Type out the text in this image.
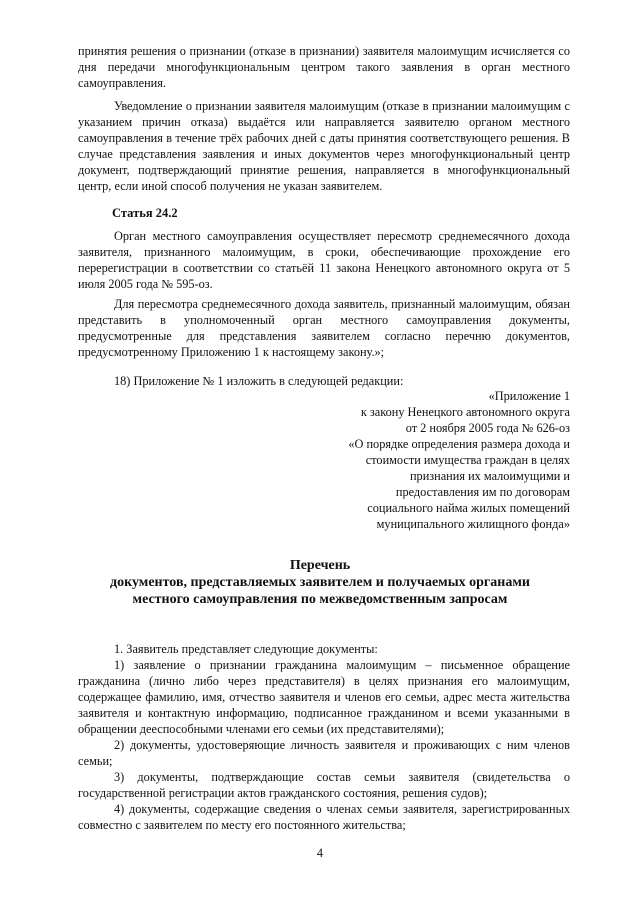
принятия решения о признании (отказе в признании) заявителя малоимущим исчисляется со дня передачи многофункциональным центром такого заявления в орган местного самоуправления.

Уведомление о признании заявителя малоимущим (отказе в признании малоимущим с указанием причин отказа) выдаётся или направляется заявителю органом местного самоуправления в течение трёх рабочих дней с даты принятия соответствующего решения. В случае представления заявления и иных документов через многофункциональный центр документ, подтверждающий принятие решения, направляется в многофункциональный центр, если иной способ получения не указан заявителем.

Статья 24.2

Орган местного самоуправления осуществляет пересмотр среднемесячного дохода заявителя, признанного малоимущим, в сроки, обеспечивающие прохождение его перерегистрации в соответствии со статьёй 11 закона Ненецкого автономного округа от 5 июля 2005 года № 595-оз.

Для пересмотра среднемесячного дохода заявитель, признанный малоимущим, обязан представить в уполномоченный орган местного самоуправления документы, предусмотренные для представления заявителем согласно перечню документов, предусмотренному Приложению 1 к настоящему закону.»;

18) Приложение № 1 изложить в следующей редакции:

«Приложение 1
к закону Ненецкого автономного округа
от 2 ноября 2005 года № 626-оз
«О порядке определения размера дохода и
стоимости имущества граждан в целях
признания их малоимущими и
предоставления им по договорам
социального найма жилых помещений
муниципального жилищного фонда»
Перечень
документов, представляемых заявителем и получаемых органами
местного самоуправления по межведомственным запросам

1. Заявитель представляет следующие документы:

1) заявление о признании гражданина малоимущим – письменное обращение гражданина (лично либо через представителя) в целях признания его малоимущим, содержащее фамилию, имя, отчество заявителя и членов его семьи, адрес места жительства заявителя и контактную информацию, подписанное гражданином и всеми указанными в обращении дееспособными членами его семьи (их представителями);

2) документы, удостоверяющие личность заявителя и проживающих с ним членов семьи;

3) документы, подтверждающие состав семьи заявителя (свидетельства о государственной регистрации актов гражданского состояния, решения судов);

4) документы, содержащие сведения о членах семьи заявителя, зарегистрированных совместно с заявителем по месту его постоянного жительства;

4
